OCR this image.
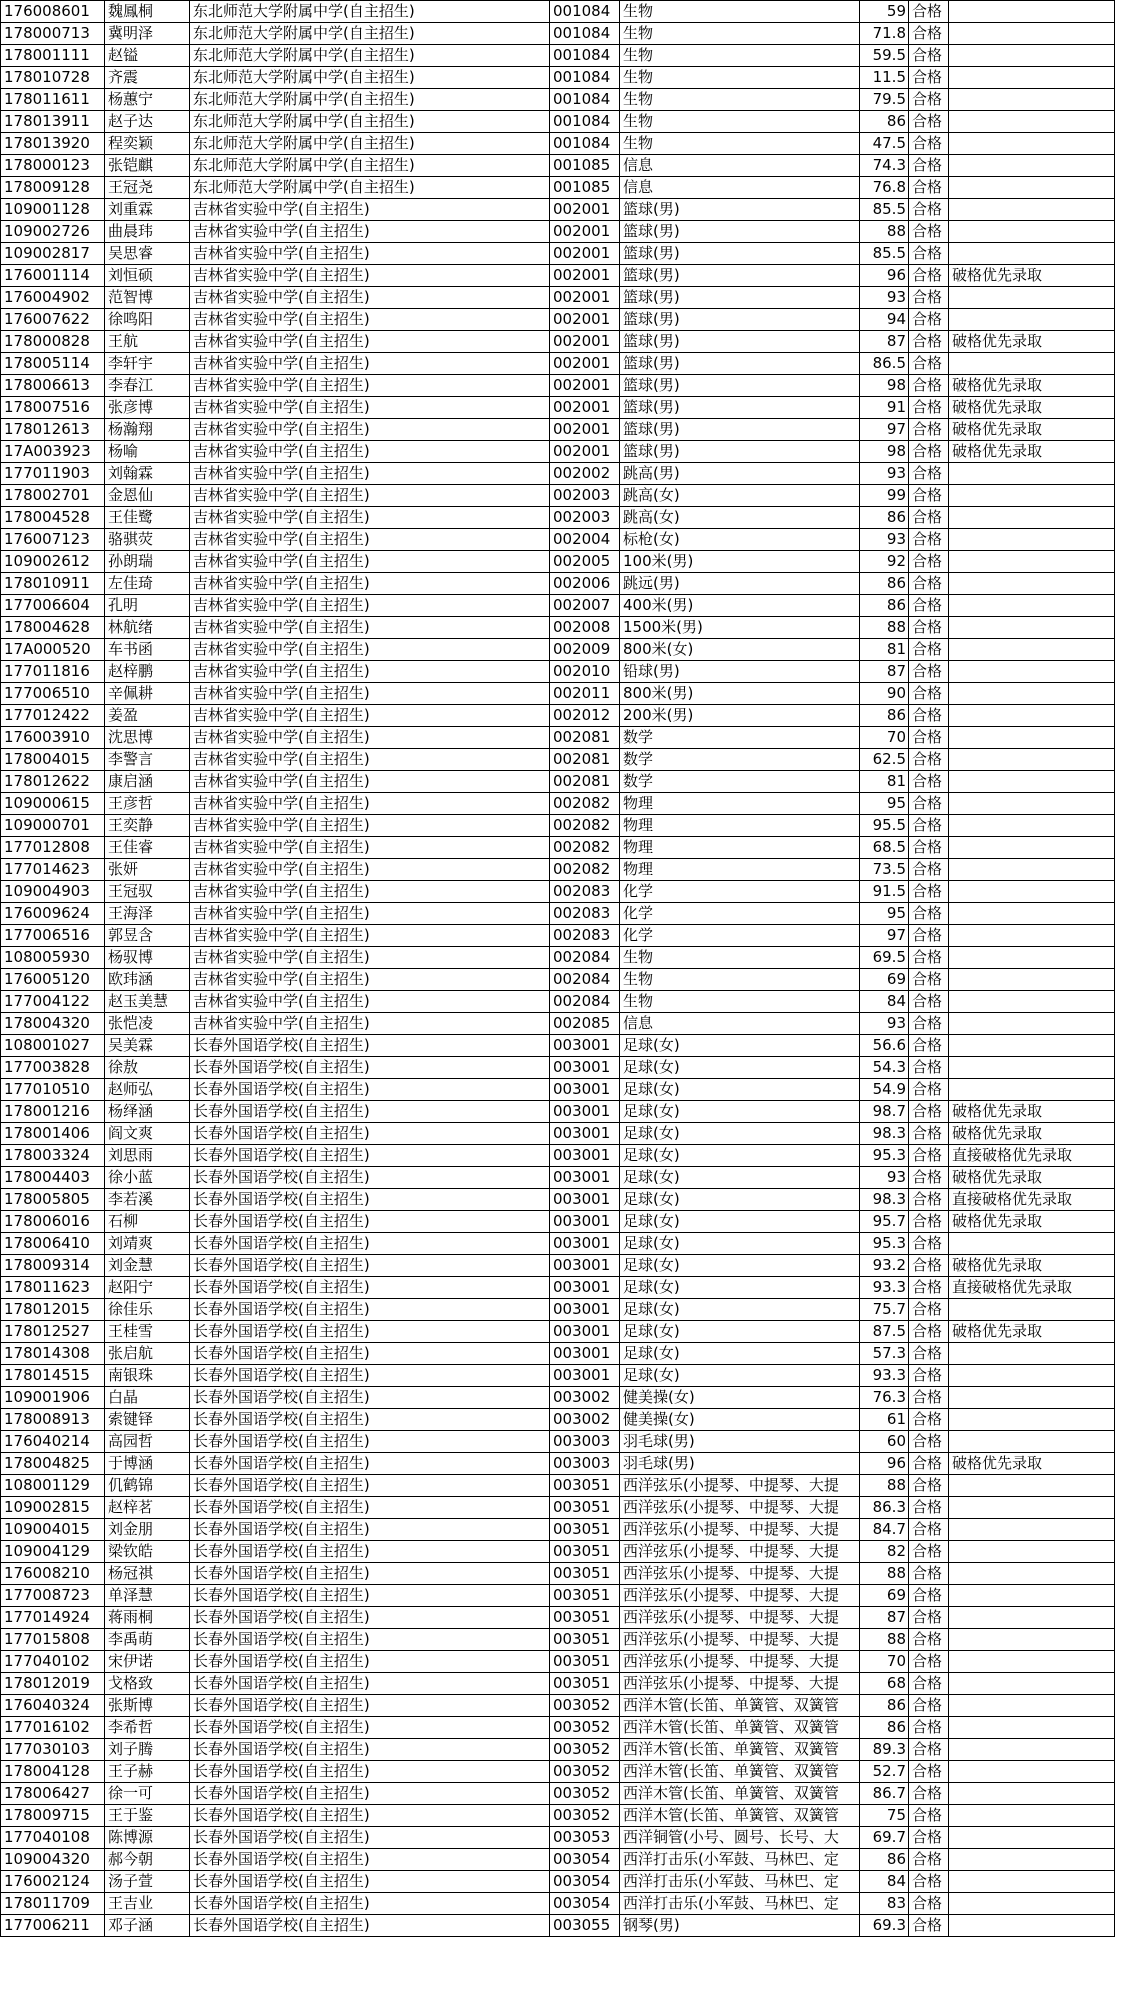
176008601	魏鳳桐	东北师范大学附属中学(自主招生)	001084	生物	59	合格	
178000713	冀明泽	东北师范大学附属中学(自主招生)	001084	生物	71.8	合格	
178001111	赵镒	东北师范大学附属中学(自主招生)	001084	生物	59.5	合格	
178010728	齐震	东北师范大学附属中学(自主招生)	001084	生物	11.5	合格	
178011611	杨蕙宁	东北师范大学附属中学(自主招生)	001084	生物	79.5	合格	
178013911	赵子达	东北师范大学附属中学(自主招生)	001084	生物	86	合格	
178013920	程奕颖	东北师范大学附属中学(自主招生)	001084	生物	47.5	合格	
178000123	张铠麒	东北师范大学附属中学(自主招生)	001085	信息	74.3	合格	
178009128	王冠尧	东北师范大学附属中学(自主招生)	001085	信息	76.8	合格	
109001128	刘重霖	吉林省实验中学(自主招生)	002001	篮球(男)	85.5	合格	
109002726	曲晨玮	吉林省实验中学(自主招生)	002001	篮球(男)	88	合格	
109002817	吴思睿	吉林省实验中学(自主招生)	002001	篮球(男)	85.5	合格	
176001114	刘恒硕	吉林省实验中学(自主招生)	002001	篮球(男)	96	合格	破格优先录取
176004902	范智博	吉林省实验中学(自主招生)	002001	篮球(男)	93	合格	
176007622	徐鸣阳	吉林省实验中学(自主招生)	002001	篮球(男)	94	合格	
178000828	王航	吉林省实验中学(自主招生)	002001	篮球(男)	87	合格	破格优先录取
178005114	李轩宇	吉林省实验中学(自主招生)	002001	篮球(男)	86.5	合格	
178006613	李春江	吉林省实验中学(自主招生)	002001	篮球(男)	98	合格	破格优先录取
178007516	张彦博	吉林省实验中学(自主招生)	002001	篮球(男)	91	合格	破格优先录取
178012613	杨瀚翔	吉林省实验中学(自主招生)	002001	篮球(男)	97	合格	破格优先录取
17A003923	杨喻	吉林省实验中学(自主招生)	002001	篮球(男)	98	合格	破格优先录取
177011903	刘翰霖	吉林省实验中学(自主招生)	002002	跳高(男)	93	合格	
178002701	金恩仙	吉林省实验中学(自主招生)	002003	跳高(女)	99	合格	
178004528	王佳鹭	吉林省实验中学(自主招生)	002003	跳高(女)	86	合格	
176007123	骆骐荧	吉林省实验中学(自主招生)	002004	标枪(女)	93	合格	
109002612	孙朗瑞	吉林省实验中学(自主招生)	002005	100米(男)	92	合格	
178010911	左佳琦	吉林省实验中学(自主招生)	002006	跳远(男)	86	合格	
177006604	孔明	吉林省实验中学(自主招生)	002007	400米(男)	86	合格	
178004628	林航绪	吉林省实验中学(自主招生)	002008	1500米(男)	88	合格	
17A000520	车书函	吉林省实验中学(自主招生)	002009	800米(女)	81	合格	
177011816	赵梓鹏	吉林省实验中学(自主招生)	002010	铅球(男)	87	合格	
177006510	辛佩耕	吉林省实验中学(自主招生)	002011	800米(男)	90	合格	
177012422	姜盈	吉林省实验中学(自主招生)	002012	200米(男)	86	合格	
176003910	沈思博	吉林省实验中学(自主招生)	002081	数学	70	合格	
178004015	李警言	吉林省实验中学(自主招生)	002081	数学	62.5	合格	
178012622	康启涵	吉林省实验中学(自主招生)	002081	数学	81	合格	
109000615	王彦哲	吉林省实验中学(自主招生)	002082	物理	95	合格	
109000701	王奕静	吉林省实验中学(自主招生)	002082	物理	95.5	合格	
177012808	王佳睿	吉林省实验中学(自主招生)	002082	物理	68.5	合格	
177014623	张妍	吉林省实验中学(自主招生)	002082	物理	73.5	合格	
109004903	王冠驭	吉林省实验中学(自主招生)	002083	化学	91.5	合格	
176009624	王海泽	吉林省实验中学(自主招生)	002083	化学	95	合格	
177006516	郭昱含	吉林省实验中学(自主招生)	002083	化学	97	合格	
108005930	杨驭博	吉林省实验中学(自主招生)	002084	生物	69.5	合格	
176005120	欧玮涵	吉林省实验中学(自主招生)	002084	生物	69	合格	
177004122	赵玉美慧	吉林省实验中学(自主招生)	002084	生物	84	合格	
178004320	张恺凌	吉林省实验中学(自主招生)	002085	信息	93	合格	
108001027	吴美霖	长春外国语学校(自主招生)	003001	足球(女)	56.6	合格	
177003828	徐敖	长春外国语学校(自主招生)	003001	足球(女)	54.3	合格	
177010510	赵师弘	长春外国语学校(自主招生)	003001	足球(女)	54.9	合格	
178001216	杨绎涵	长春外国语学校(自主招生)	003001	足球(女)	98.7	合格	破格优先录取
178001406	阎文爽	长春外国语学校(自主招生)	003001	足球(女)	98.3	合格	破格优先录取
178003324	刘思雨	长春外国语学校(自主招生)	003001	足球(女)	95.3	合格	直接破格优先录取
178004403	徐小蓝	长春外国语学校(自主招生)	003001	足球(女)	93	合格	破格优先录取
178005805	李若溪	长春外国语学校(自主招生)	003001	足球(女)	98.3	合格	直接破格优先录取
178006016	石柳	长春外国语学校(自主招生)	003001	足球(女)	95.7	合格	破格优先录取
178006410	刘靖爽	长春外国语学校(自主招生)	003001	足球(女)	95.3	合格	
178009314	刘金慧	长春外国语学校(自主招生)	003001	足球(女)	93.2	合格	破格优先录取
178011623	赵阳宁	长春外国语学校(自主招生)	003001	足球(女)	93.3	合格	直接破格优先录取
178012015	徐佳乐	长春外国语学校(自主招生)	003001	足球(女)	75.7	合格	
178012527	王桂雪	长春外国语学校(自主招生)	003001	足球(女)	87.5	合格	破格优先录取
178014308	张启航	长春外国语学校(自主招生)	003001	足球(女)	57.3	合格	
178014515	南银珠	长春外国语学校(自主招生)	003001	足球(女)	93.3	合格	
109001906	白晶	长春外国语学校(自主招生)	003002	健美操(女)	76.3	合格	
178008913	索键铎	长春外国语学校(自主招生)	003002	健美操(女)	61	合格	
176040214	高园哲	长春外国语学校(自主招生)	003003	羽毛球(男)	60	合格	
178004825	于博涵	长春外国语学校(自主招生)	003003	羽毛球(男)	96	合格	破格优先录取
108001129	仉鹤锦	长春外国语学校(自主招生)	003051	西洋弦乐(小提琴、中提琴、大提	88	合格	
109002815	赵梓茗	长春外国语学校(自主招生)	003051	西洋弦乐(小提琴、中提琴、大提	86.3	合格	
109004015	刘金朋	长春外国语学校(自主招生)	003051	西洋弦乐(小提琴、中提琴、大提	84.7	合格	
109004129	梁钦皓	长春外国语学校(自主招生)	003051	西洋弦乐(小提琴、中提琴、大提	82	合格	
176008210	杨冠祺	长春外国语学校(自主招生)	003051	西洋弦乐(小提琴、中提琴、大提	88	合格	
177008723	单泽慧	长春外国语学校(自主招生)	003051	西洋弦乐(小提琴、中提琴、大提	69	合格	
177014924	蒋雨桐	长春外国语学校(自主招生)	003051	西洋弦乐(小提琴、中提琴、大提	87	合格	
177015808	李禹萌	长春外国语学校(自主招生)	003051	西洋弦乐(小提琴、中提琴、大提	88	合格	
177040102	宋伊诺	长春外国语学校(自主招生)	003051	西洋弦乐(小提琴、中提琴、大提	70	合格	
178012019	戈格致	长春外国语学校(自主招生)	003051	西洋弦乐(小提琴、中提琴、大提	68	合格	
176040324	张斯博	长春外国语学校(自主招生)	003052	西洋木管(长笛、单簧管、双簧管	86	合格	
177016102	李希哲	长春外国语学校(自主招生)	003052	西洋木管(长笛、单簧管、双簧管	86	合格	
177030103	刘子腾	长春外国语学校(自主招生)	003052	西洋木管(长笛、单簧管、双簧管	89.3	合格	
178004128	王子赫	长春外国语学校(自主招生)	003052	西洋木管(长笛、单簧管、双簧管	52.7	合格	
178006427	徐一可	长春外国语学校(自主招生)	003052	西洋木管(长笛、单簧管、双簧管	86.7	合格	
178009715	王于鉴	长春外国语学校(自主招生)	003052	西洋木管(长笛、单簧管、双簧管	75	合格	
177040108	陈博源	长春外国语学校(自主招生)	003053	西洋铜管(小号、圆号、长号、大	69.7	合格	
109004320	郝今朝	长春外国语学校(自主招生)	003054	西洋打击乐(小军鼓、马林巴、定	86	合格	
176002124	汤子萱	长春外国语学校(自主招生)	003054	西洋打击乐(小军鼓、马林巴、定	84	合格	
178011709	王吉业	长春外国语学校(自主招生)	003054	西洋打击乐(小军鼓、马林巴、定	83	合格	
177006211	邓子涵	长春外国语学校(自主招生)	003055	钢琴(男)	69.3	合格	
